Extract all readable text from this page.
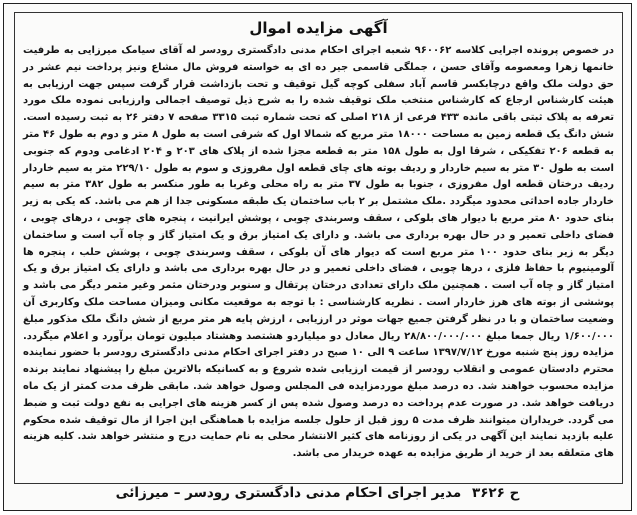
آگهی مزایده اموال

در خصوص پرونده اجرایی کلاسه ۹۶۰۰۶۲ شعبه اجرای احکام مدنی دادگستری رودسر له آقای سیامک میرزایی به طرفیت خانمها زهرا ومعصومه وآقای حسن ، جملگی قاسمی جیر ده ای به خواسته فروش مال مشاع ونیز پرداخت نیم عشر در حق دولت ملک واقع درچابکسر قاسم آباد سفلی کوچه گیل توقیف و تحت بازداشت قرار گرفت سپس جهت ارزیابی به هیئت کارشناس ارجاع که کارشناس منتخب ملک توقیف شده را به شرح ذیل توصیف اجمالی وارزیابی نموده ملک مورد تعرفه به پلاک ثبتی باقی مانده ۴۳۳ فرعی از ۲۱۸ اصلی که تحت شماره ثبت ۳۳۱۵ صفحه ۷ دفتر ۲۶ به ثبت رسیده است. شش دانگ یک قطعه زمین به مساحت ۱۸۰۰۰ متر مربع که شمالا اول که شرقی است به طول ۸ متر و دوم به طول ۴۶ متر به قطعه ۲۰۶ تفکیکی ، شرقا اول به طول ۱۵۸ متر به قطعه مجزا شده از پلاک های ۲۰۳ و ۲۰۴ ادغامی ودوم که جنوبی است به طول ۳۰ متر به سیم خاردار و ردیف بوته های چای قطعه اول مفروزی و سوم به طول ۲۲۹/۱۰ متر به سیم خاردار ردیف درختان قطعه اول مفروزی ، جنوبا به طول ۳۷ متر به راه محلی وغربا به طور منکسر به طول ۳۸۲ متر به سیم خاردار جاده احداثی محدود میگردد .ملک مشتمل بر ۲ باب ساختمان یک طبقه مسکونی جدا از هم می باشد. که یکی به زیر بنای حدود ۸۰ متر مربع با دیوار های بلوکی ، سقف وسربندی چوبی ، پوشش ایرانیت ، پنجره های چوبی ، درهای چوبی ، فضای داخلی تعمیر و در حال بهره برداری می باشد. و دارای یک امتیاز برق و یک امتیاز گاز و چاه آب است و ساختمان دیگر به زیر بنای حدود ۱۰۰ متر مربع است که دیوار های آن بلوکی ، سقف وسربندی چوبی ، پوشش حلب ، پنجره ها آلومینیوم با حفاظ فلزی ، درها چوبی ، فضای داخلی تعمیر و در حال بهره برداری می باشد و دارای یک امتیاز برق و یک امتیاز گاز و چاه آب است . همچنین ملک دارای تعدادی درختان پرتقال و سنوبر ودرختان مثمر وغیر مثمر دیگر می باشد و پوششی از بوته های هرز خاردار است . نظریه کارشناسی : با توجه به موقعیت مکانی ومیزان مساحت ملک وکاربری آن وضعیت ساختمان و با در نظر گرفتن جمیع جهات موثر در ارزیابی ، ارزش پایه هر متر مربع از شش دانگ ملک مذکور مبلغ ۱/۶۰۰/۰۰۰ ریال جمعا مبلغ ۲۸/۸۰۰/۰۰۰/۰۰۰ ریال معادل دو میلیاردو هشتصد وهشتاد میلیون تومان برآورد و اعلام میگردد. مزایده روز پنج شنبه مورخ ۱۳۹۷/۷/۱۲ ساعت ۹ الی ۱۰ صبح در دفتر اجرای احکام مدنی دادگستری رودسر با حضور نماینده محترم دادستان عمومی و انقلاب رودسر از قیمت ارزیابی شده شروع و به کسانیکه بالاترین مبلغ را پیشنهاد نمایند برنده مزایده محسوب خواهند شد. ده درصد مبلغ موردمزایده فی المجلس وصول خواهد شد. مابقی ظرف مدت کمتر از یک ماه دریافت خواهد شد. در صورت عدم پرداخت ده درصد وصول شده پس از کسر هزینه های اجرایی به نفع دولت ثبت و ضبط می گردد. خریداران میتوانند ظرف مدت ۵ روز قبل از حلول جلسه مزایده با هماهنگی این اجرا از مال توقیف شده محکوم علیه بازدید نمایند این آگهی در یکی از روزنامه های کثیر الانتشار محلی به نام حمایت درج و منتشر خواهد شد. کلیه هزینه های متعلقه بعد از خرید از طریق مزایده به عهده خریدار می باشد.

ح ۳۶۲۶ مدیر اجرای احکام مدنی دادگستری رودسر – میرزائی
